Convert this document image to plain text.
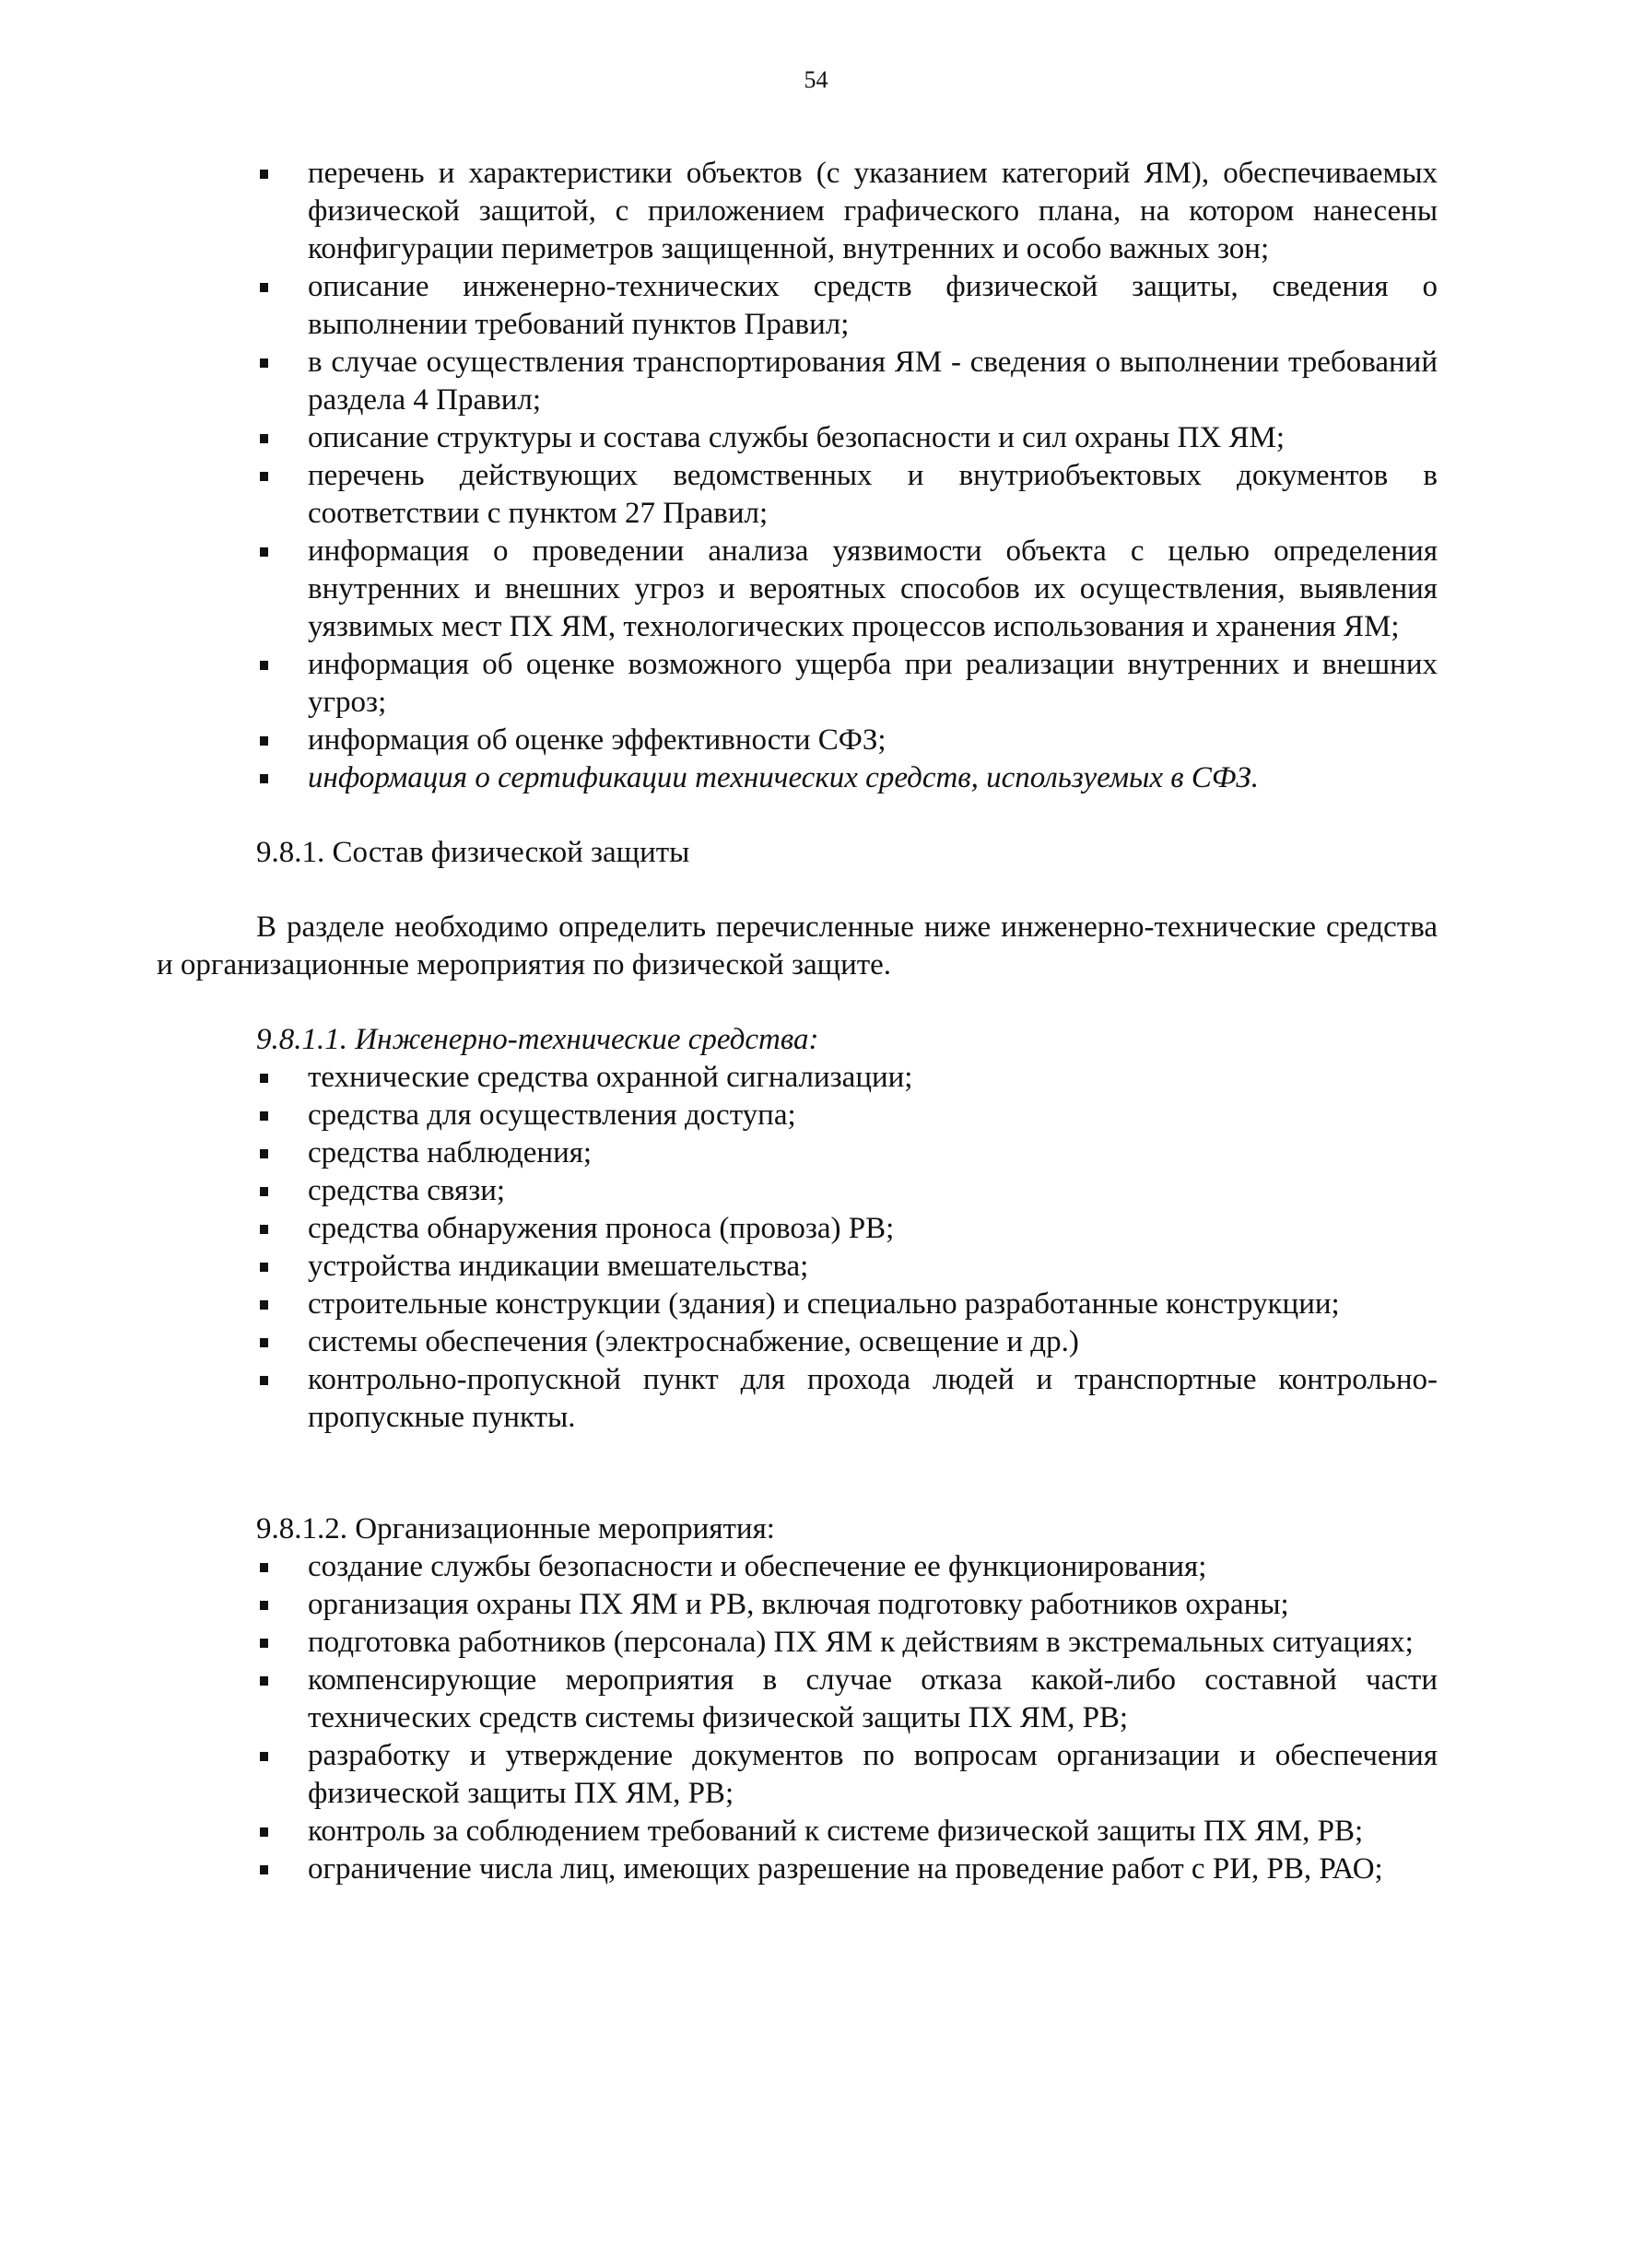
54
перечень и характеристики объектов (с указанием категорий ЯМ), обеспечиваемых физической защитой, с приложением графического плана, на котором нанесены конфигурации периметров защищенной, внутренних и особо важных зон;
описание инженерно-технических средств физической защиты, сведения о выполнении требований пунктов Правил;
в случае осуществления транспортирования ЯМ - сведения о выполнении требований раздела 4 Правил;
описание структуры и состава службы безопасности и сил охраны ПХ ЯМ;
перечень действующих ведомственных и внутриобъектовых документов в соответствии с пунктом 27 Правил;
информация о проведении анализа уязвимости объекта с целью определения внутренних и внешних угроз и вероятных способов их осуществления, выявления уязвимых мест ПХ ЯМ, технологических процессов использования и хранения ЯМ;
информация об оценке возможного ущерба при реализации внутренних и внешних угроз;
информация об оценке эффективности СФЗ;
информация о сертификации технических средств, используемых в СФЗ.
9.8.1. Состав физической защиты
В разделе необходимо определить перечисленные ниже инженерно-технические средства и организационные мероприятия по физической защите.
9.8.1.1. Инженерно-технические средства:
технические средства охранной сигнализации;
средства для осуществления доступа;
средства наблюдения;
средства связи;
средства обнаружения проноса (провоза) РВ;
устройства индикации вмешательства;
строительные конструкции (здания) и специально разработанные конструкции;
системы обеспечения (электроснабжение, освещение и др.)
контрольно-пропускной пункт для прохода людей и транспортные контрольно-пропускные пункты.
9.8.1.2. Организационные мероприятия:
создание службы безопасности и обеспечение ее функционирования;
организация охраны ПХ ЯМ и РВ, включая подготовку работников охраны;
подготовка работников (персонала) ПХ ЯМ к действиям в экстремальных ситуациях;
компенсирующие мероприятия в случае отказа какой-либо составной части технических средств системы физической защиты ПХ ЯМ, РВ;
разработку и утверждение документов по вопросам организации и обеспечения физической защиты ПХ ЯМ, РВ;
контроль за соблюдением требований к системе физической защиты ПХ ЯМ, РВ;
ограничение числа лиц, имеющих разрешение на проведение работ с РИ, РВ, РАО;
